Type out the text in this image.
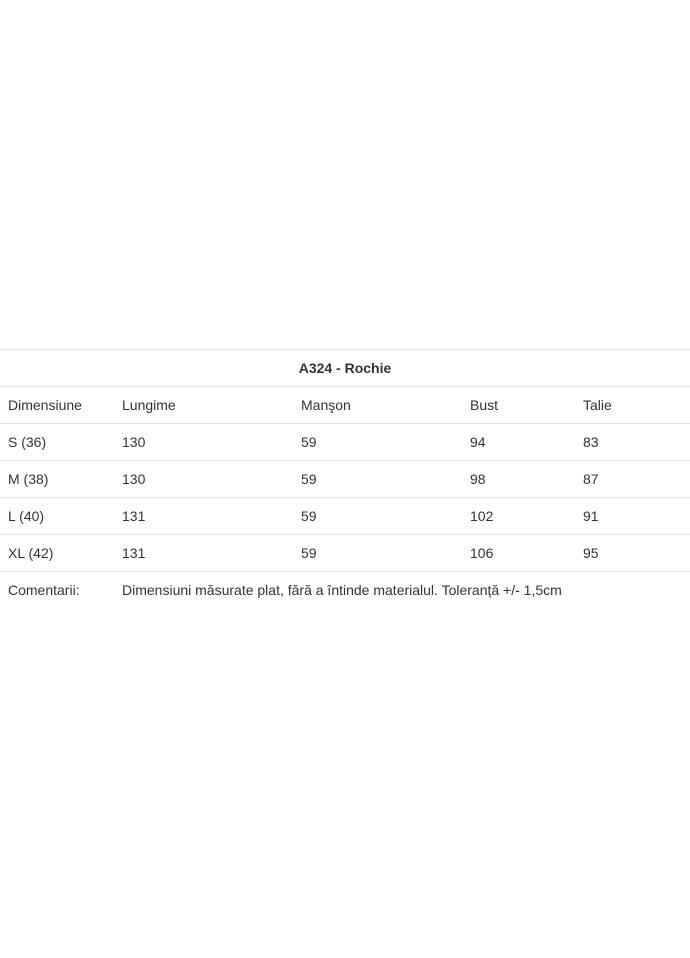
A324 - Rochie				
Dimensiune	Lungime	Manşon	Bust	Talie
S (36)	130	59	94	83
M (38)	130	59	98	87
L (40)	131	59	102	91
XL (42)	131	59	106	95
Comentarii:	Dimensiuni măsurate plat, fără a întinde materialul. Toleranță +/- 1,5cm			
